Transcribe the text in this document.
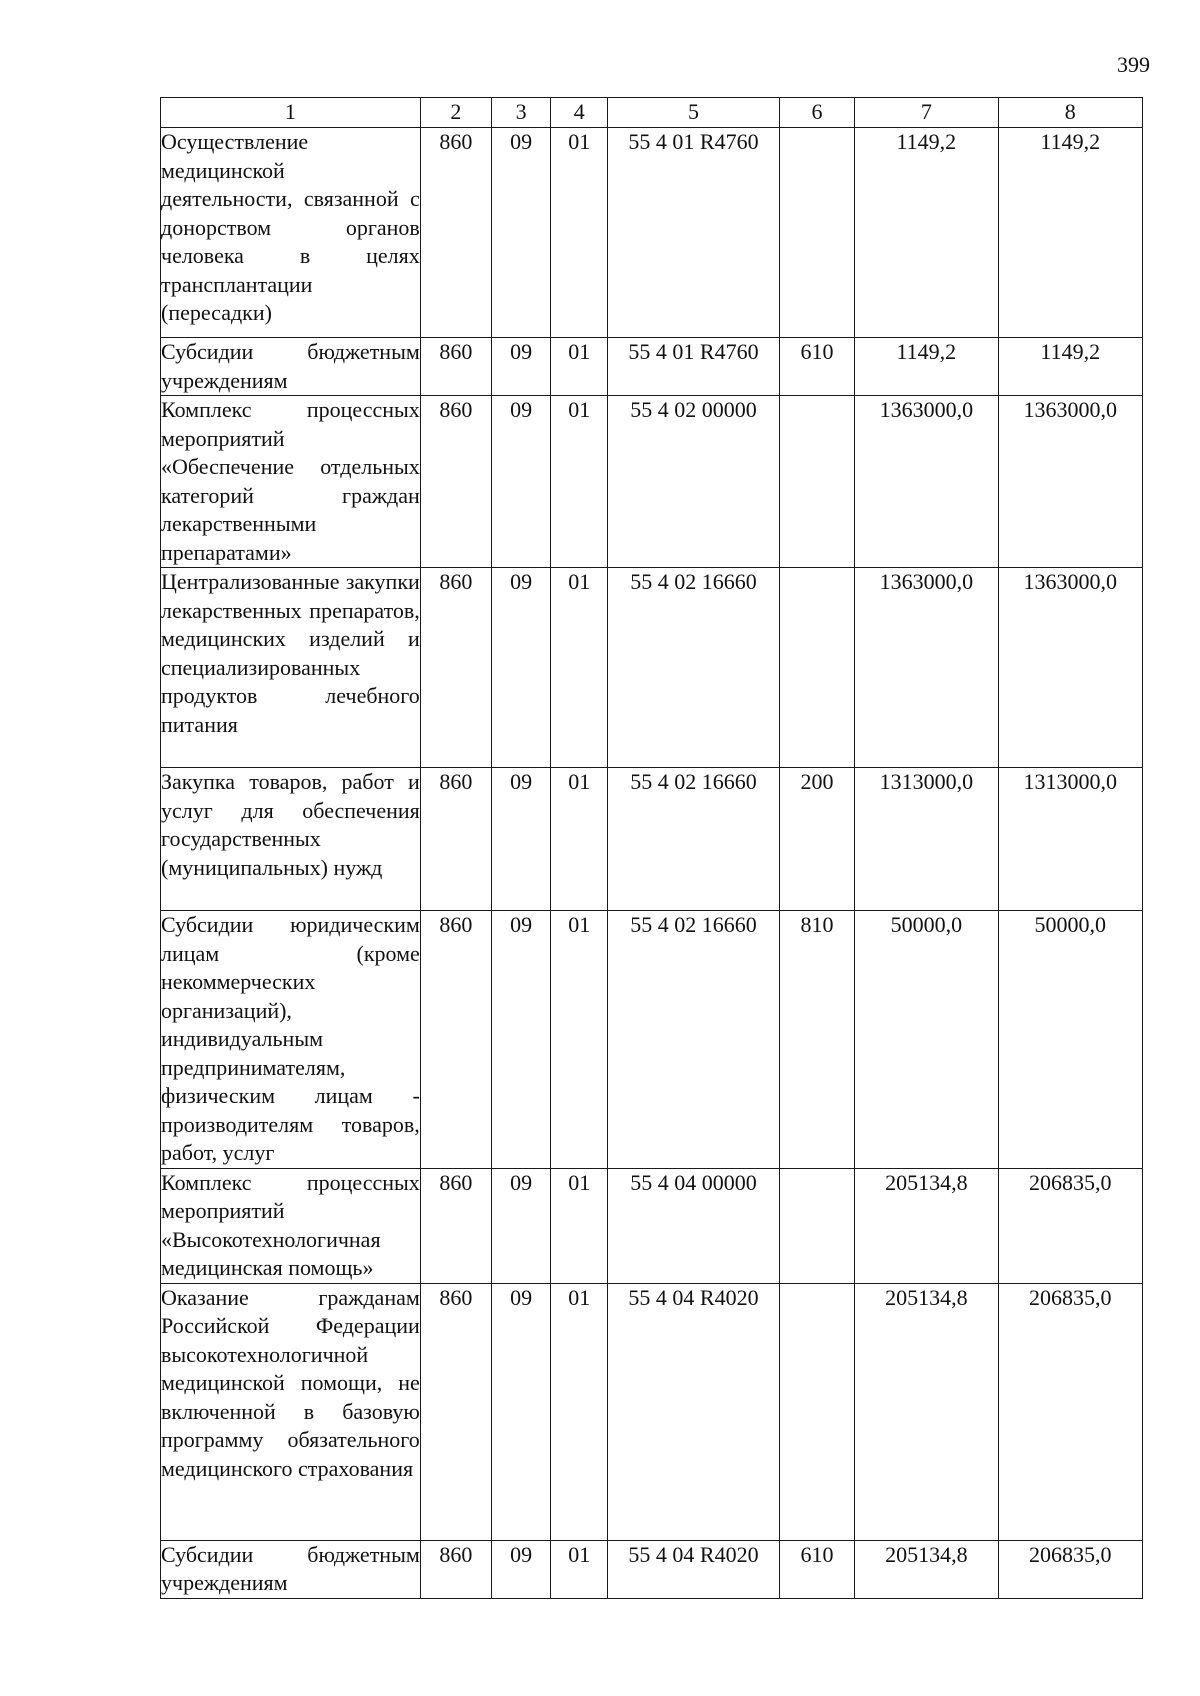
399
1	2	3	4	5	6	7	8
Осуществление медицинской деятельности, связанной с донорством органов человека в целях трансплантации (пересадки)	860	09	01	55 4 01 R4760		1149,2	1149,2
Субсидии бюджетным учреждениям	860	09	01	55 4 01 R4760	610	1149,2	1149,2
Комплекс процессных мероприятий «Обеспечение отдельных категорий граждан лекарственными препаратами»	860	09	01	55 4 02 00000		1363000,0	1363000,0
Централизованные закупки лекарственных препаратов, медицинских изделий и специализированных продуктов лечебного питания	860	09	01	55 4 02 16660		1363000,0	1363000,0
Закупка товаров, работ и услуг для обеспечения государственных (муниципальных) нужд	860	09	01	55 4 02 16660	200	1313000,0	1313000,0
Субсидии юридическим лицам (кроме некоммерческих организаций), индивидуальным предпринимателям, физическим лицам - производителям товаров, работ, услуг	860	09	01	55 4 02 16660	810	50000,0	50000,0
Комплекс процессных мероприятий «Высокотехнологичная медицинская помощь»	860	09	01	55 4 04 00000		205134,8	206835,0
Оказание гражданам Российской Федерации высокотехнологичной медицинской помощи, не включенной в базовую программу обязательного медицинского страхования	860	09	01	55 4 04 R4020		205134,8	206835,0
Субсидии бюджетным учреждениям	860	09	01	55 4 04 R4020	610	205134,8	206835,0
